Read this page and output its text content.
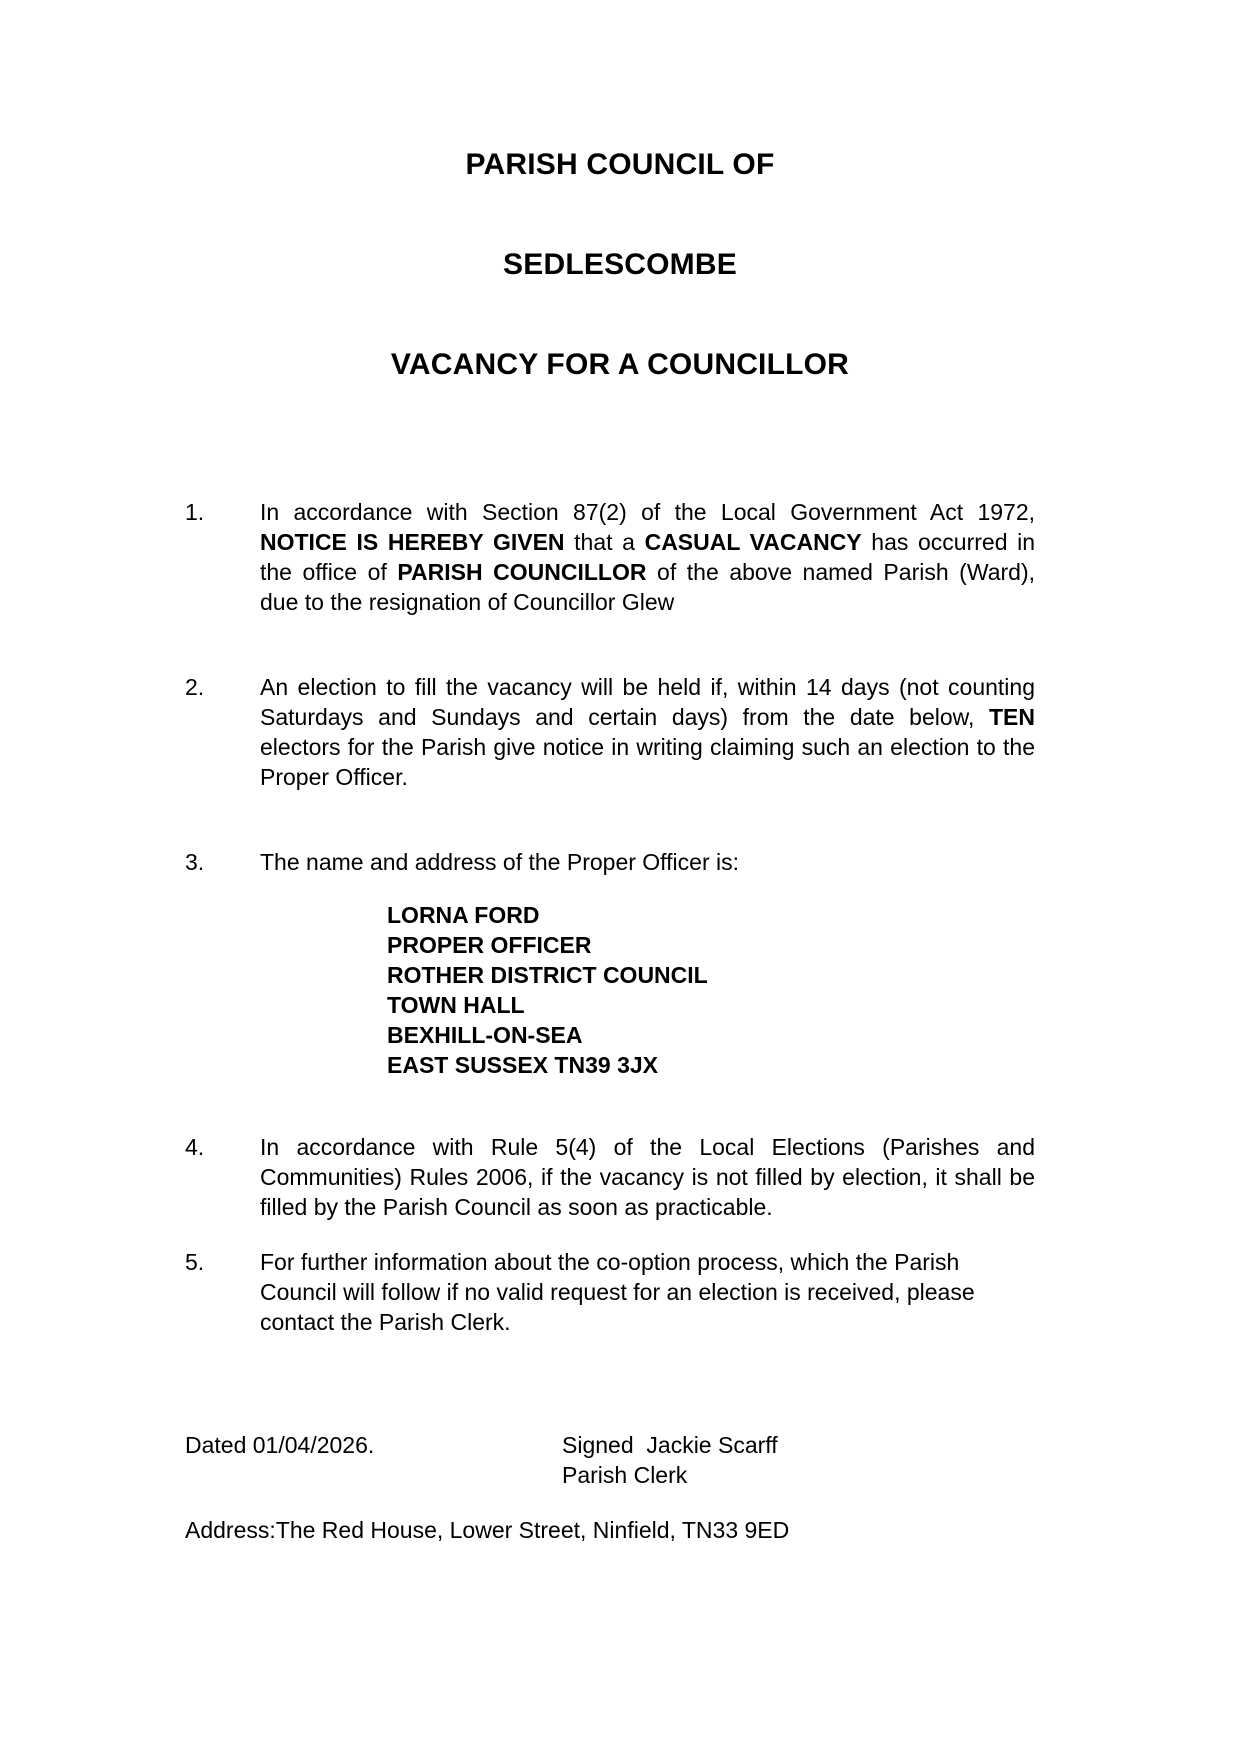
PARISH COUNCIL OF
SEDLESCOMBE
VACANCY FOR A COUNCILLOR
1.	In accordance with Section 87(2) of the Local Government Act 1972, NOTICE IS HEREBY GIVEN that a CASUAL VACANCY has occurred in the office of PARISH COUNCILLOR of the above named Parish (Ward), due to the resignation of Councillor Glew
2.	An election to fill the vacancy will be held if, within 14 days (not counting Saturdays and Sundays and certain days) from the date below, TEN electors for the Parish give notice in writing claiming such an election to the Proper Officer.
3.	The name and address of the Proper Officer is:
LORNA FORD
PROPER OFFICER
ROTHER DISTRICT COUNCIL
TOWN HALL
BEXHILL-ON-SEA
EAST SUSSEX TN39 3JX
4.	In accordance with Rule 5(4) of the Local Elections (Parishes and Communities) Rules 2006, if the vacancy is not filled by election, it shall be filled by the Parish Council as soon as practicable.
5.	For further information about the co-option process, which the Parish Council will follow if no valid request for an election is received, please contact the Parish Clerk.
Dated 01/04/2026.	Signed  Jackie Scarff
Parish Clerk
Address:The Red House, Lower Street, Ninfield, TN33 9ED
